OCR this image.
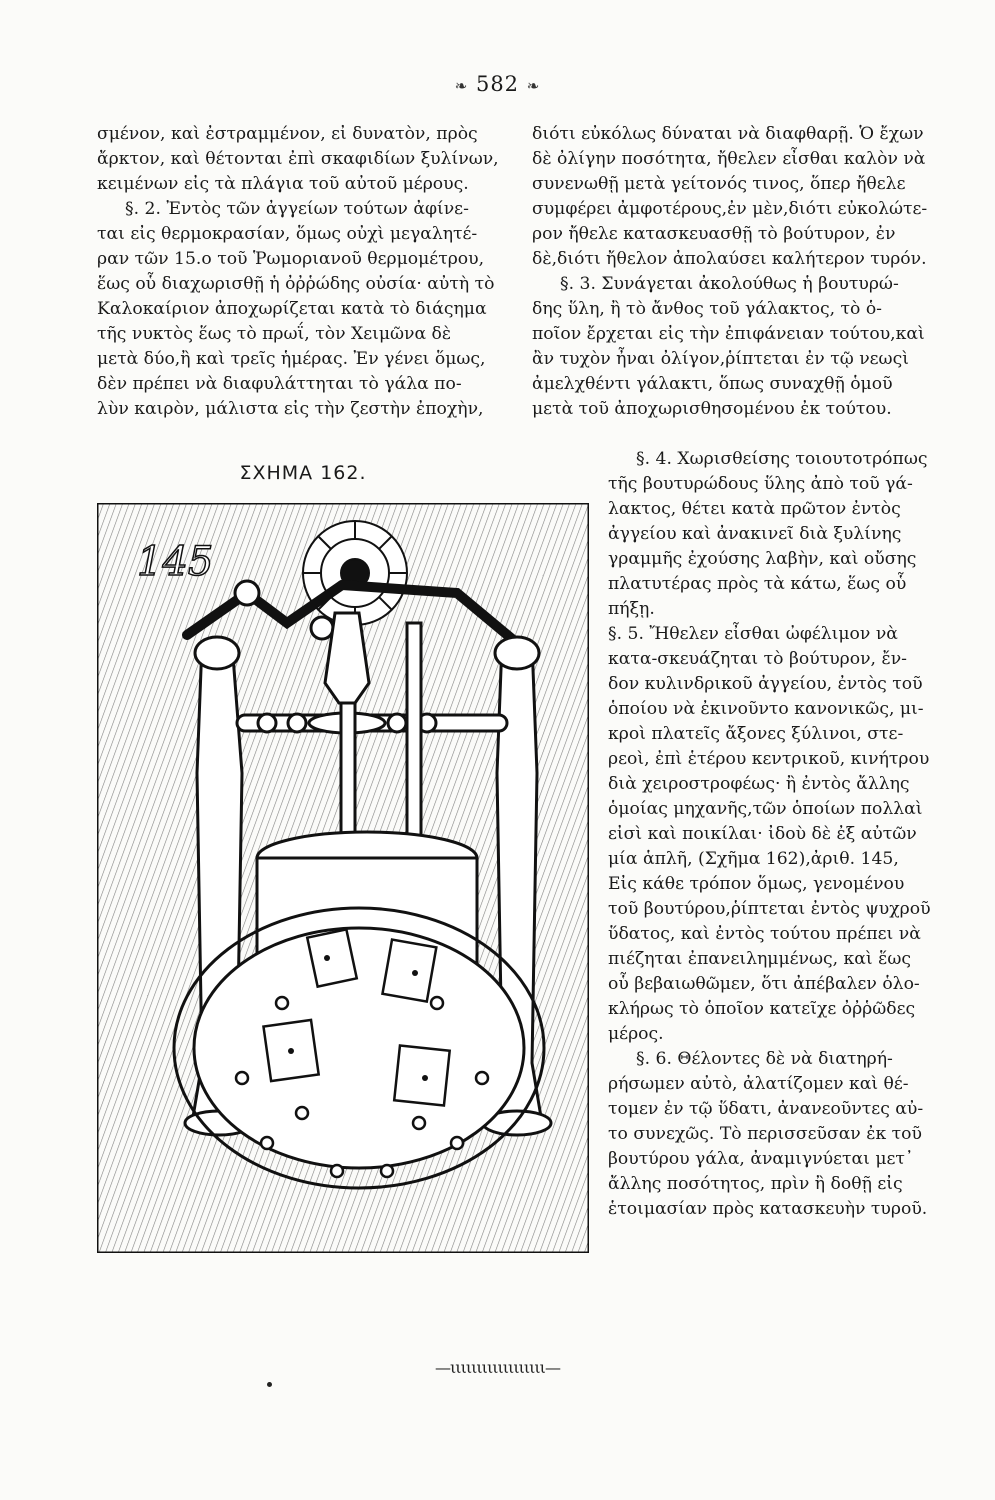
❧ 582 ❧
σμένον, καὶ ἐστραμμένον, εἰ δυνατὸν, πρὸς
ἄρκτον, καὶ θέτονται ἐπὶ σκαφιδίων ξυλίνων,
κειμένων εἰς τὰ πλάγια τοῦ αὐτοῦ μέρους.
§. 2. Ἐντὸς τῶν ἀγγείων τούτων ἀφίνε-
ται εἰς θερμοκρασίαν, ὅμως οὐχὶ μεγαλητέ-
ραν τῶν 15.ο τοῦ Ῥωμοριανοῦ θερμομέτρου,
ἕως οὗ διαχωρισθῇ ἡ ὀῤῥώδης οὐσία· αὐτὴ τὸ
Καλοκαίριον ἀποχωρίζεται κατὰ τὸ διάςημα
τῆς νυκτὸς ἕως τὸ πρωΐ, τὸν Χειμῶνα δὲ
μετὰ δύο,ἢ καὶ τρεῖς ἡμέρας. Ἐν γένει ὅμως,
δὲν πρέπει νὰ διαφυλάττηται τὸ γάλα πο-
λὺν καιρὸν, μάλιστα εἰς τὴν ζεστὴν ἐποχὴν,
ΣΧΗΜΑ 162.
145
διότι εὐκόλως δύναται νὰ διαφθαρῇ. Ὁ ἔχων
δὲ ὀλίγην ποσότητα, ἤθελεν εἶσθαι καλὸν νὰ
συνενωθῇ μετὰ γείτονός τινος, ὅπερ ἤθελε
συμφέρει ἀμφοτέρους,ἐν μὲν,διότι εὐκολώτε-
ρον ἤθελε κατασκευασθῇ τὸ βούτυρον, ἐν
δὲ,διότι ἤθελον ἀπολαύσει καλήτερον τυρόν.
§. 3. Συνάγεται ἀκολούθως ἡ βουτυρώ-
δης ὕλη, ἢ τὸ ἄνθος τοῦ γάλακτος, τὸ ὁ-
ποῖον ἔρχεται εἰς τὴν ἐπιφάνειαν τούτου,καὶ
ἂν τυχὸν ἦναι ὀλίγον,ῥίπτεται ἐν τῷ νεωςὶ
ἀμελχθέντι γάλακτι, ὅπως συναχθῇ ὁμοῦ
μετὰ τοῦ ἀποχωρισθησομένου ἐκ τούτου.
§. 4. Χωρισθείσης τοιουτοτρόπως
τῆς βουτυρώδους ὕλης ἀπὸ τοῦ γά-
λακτος, θέτει κατὰ πρῶτον ἐντὸς
ἀγγείου καὶ ἀνακινεῖ διὰ ξυλίνης
γραμμῆς ἐχούσης λαβὴν, καὶ οὔσης
πλατυτέρας πρὸς τὰ κάτω, ἕως οὗ
πήξῃ.
§. 5. Ἤθελεν εἶσθαι ὠφέλιμον νὰ
κατα-σκευάζηται τὸ βούτυρον, ἔν-
δον κυλινδρικοῦ ἀγγείου, ἐντὸς τοῦ
ὁποίου νὰ ἐκινοῦντο κανονικῶς, μι-
κροὶ πλατεῖς ἄξονες ξύλινοι, στε-
ρεοὶ, ἐπὶ ἑτέρου κεντρικοῦ, κινήτρου
διὰ χειροστροφέως· ἢ ἐντὸς ἄλλης
ὁμοίας μηχανῆς,τῶν ὁποίων πολλαὶ
εἰσὶ καὶ ποικίλαι· ἰδοὺ δὲ ἐξ αὐτῶν
μία ἁπλῆ, (Σχῆμα 162),ἀριθ. 145,
Εἰς κάθε τρόπον ὅμως, γενομένου
τοῦ βουτύρου,ῥίπτεται ἐντὸς ψυχροῦ
ὕδατος, καὶ ἐντὸς τούτου πρέπει νὰ
πιέζηται ἐπανειλημμένως, καὶ ἕως
οὗ βεβαιωθῶμεν, ὅτι ἀπέβαλεν ὁλο-
κλήρως τὸ ὁποῖον κατεῖχε ὀῤῥῶδες
μέρος.
§. 6. Θέλοντες δὲ νὰ διατηρή-
ρήσωμεν αὐτὸ, ἀλατίζομεν καὶ θέ-
τομεν ἐν τῷ ὕδατι, ἀνανεοῦντες αὐ-
το συνεχῶς. Τὸ περισσεῦσαν ἐκ τοῦ
βουτύρου γάλα, ἀναμιγνύεται μετ᾽
ἄλλης ποσότητος, πρὶν ἢ δοθῇ εἰς
ἑτοιμασίαν πρὸς κατασκευὴν τυροῦ.
—ιιιιιιιιιιιιιιιιιι—
